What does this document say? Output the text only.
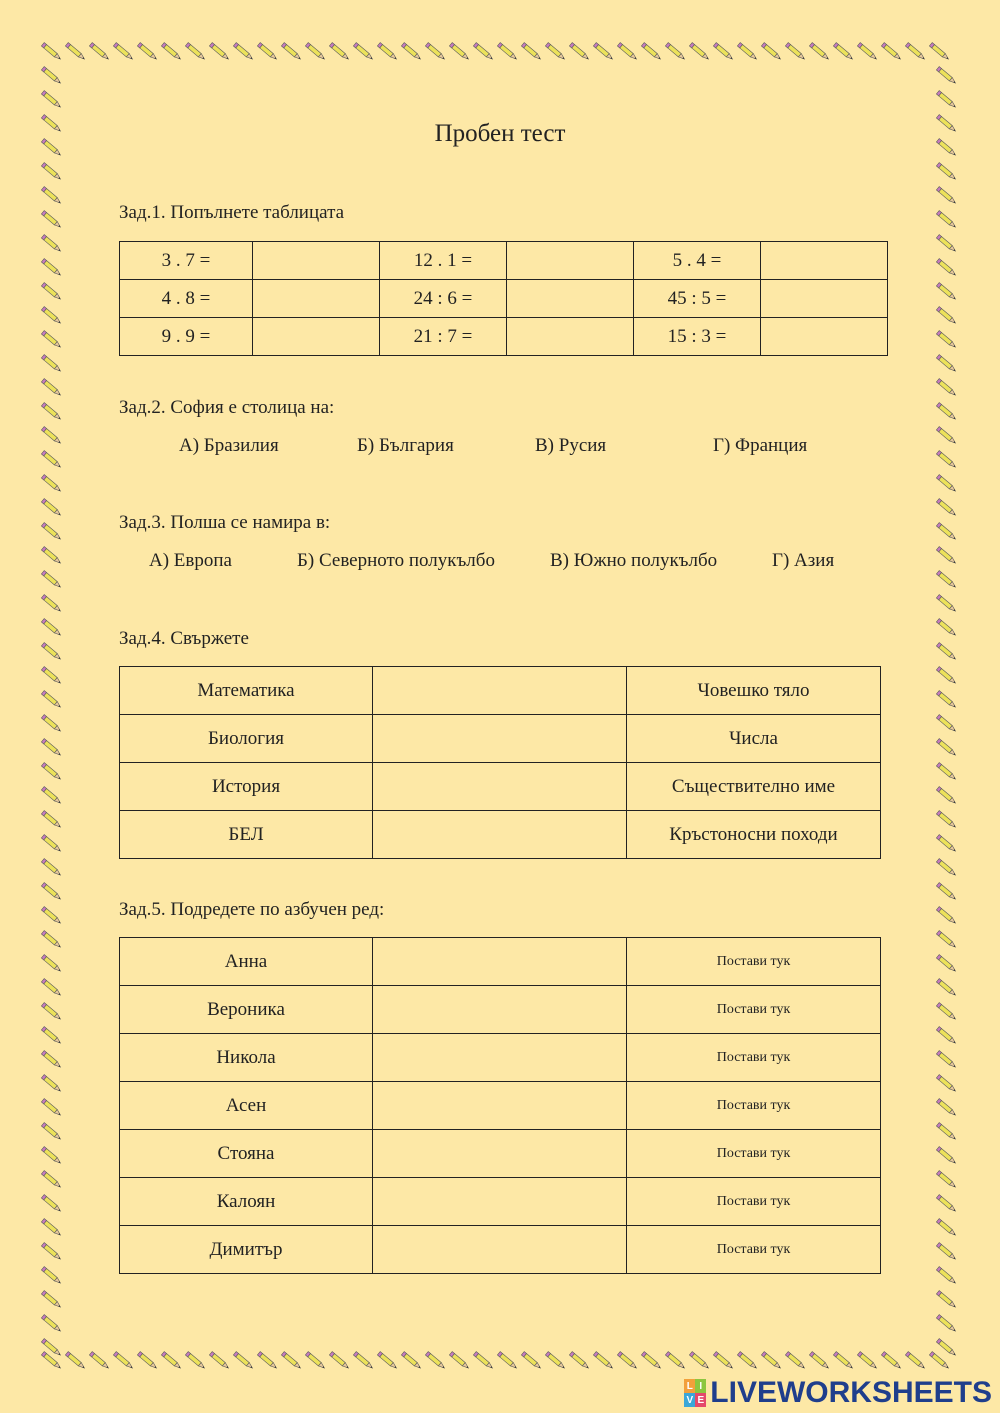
Пробен тест
Зад.1. Попълнете таблицата
3 . 7 =		12 . 1 =		5 . 4 =	
4 . 8 =		24 : 6 =		45 : 5 =	
9 . 9 =		21 : 7 =		15 : 3 =	
Зад.2. София е столица на:
А) Бразилия	Б) България	В) Русия	Г) Франция
Зад.3. Полша се намира в:
А) Европа	Б) Северното полукълбо	В) Южно полукълбо	Г) Азия
Зад.4. Свържете
Математика		Човешко тяло
Биология		Числа
История		Съществително име
БЕЛ		Кръстоносни походи
Зад.5. Подредете по азбучен ред:
Анна		Постави тук
Вероника		Постави тук
Никола		Постави тук
Асен		Постави тук
Стояна		Постави тук
Калоян		Постави тук
Димитър		Постави тук
L I
V E LIVEWORKSHEETS
